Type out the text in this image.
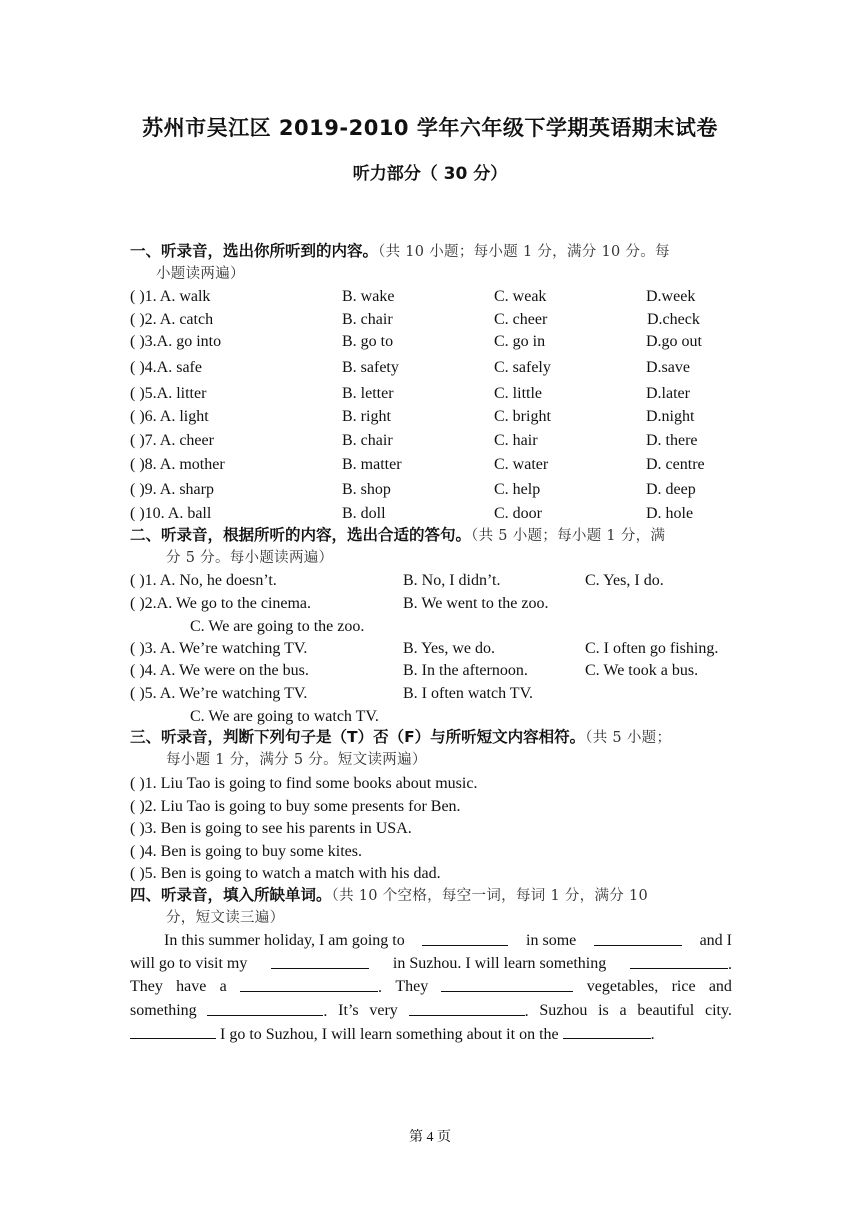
苏州市吴江区 2019-2010 学年六年级下学期英语期末试卷
听力部分（ 30 分）
一、听录音，选出你所听到的内容。（共 10 小题；每小题 1 分，满分 10 分。每
小题读两遍）
( )1. A. walk	B. wake	C. weak	D.week
( )2. A. catch	B. chair	C. cheer	D.check
( )3.A. go into	B. go to	C. go in	D.go out
( )4.A. safe	B. safety	C. safely	D.save
( )5.A. litter	B. letter	C. little	D.later
( )6. A. light	B. right	C. bright	D.night
( )7. A. cheer	B. chair	C. hair	D. there
( )8. A. mother	B. matter	C. water	D. centre
( )9. A. sharp	B. shop	C. help	D. deep
( )10. A. ball	B. doll	C. door	D. hole
二、听录音，根据所听的内容，选出合适的答句。（共 5 小题；每小题 1 分，满
分 5 分。每小题读两遍）
( )1. A. No, he doesn’t.	B. No, I didn’t.	C. Yes, I do.
( )2.A. We go to the cinema.	B. We went to the zoo.
C. We are going to the zoo.
( )3. A. We’re watching TV.	B. Yes, we do.	C. I often go fishing.
( )4. A. We were on the bus.	B. In the afternoon.	C. We took a bus.
( )5. A. We’re watching TV.	B. I often watch TV.
C. We are going to watch TV.
三、听录音，判断下列句子是（T）否（F）与所听短文内容相符。（共 5 小题；
每小题 1 分，满分 5 分。短文读两遍）
( )1. Liu Tao is going to find some books about music.
( )2. Liu Tao is going to buy some presents for Ben.
( )3. Ben is going to see his parents in USA.
( )4. Ben is going to buy some kites.
( )5. Ben is going to watch a match with his dad.
四、听录音，填入所缺单词。（共 10 个空格，每空一词，每词 1 分，满分 10
分，短文读三遍）
In this summer holiday, I am going to	in some	and I
will go to visit my	in Suzhou. I will learn something	.
They have a	. They	vegetables, rice and
something	. It’s very	. Suzhou is a beautiful city.
I go to Suzhou, I will learn something about it on the	.
第 4 页
